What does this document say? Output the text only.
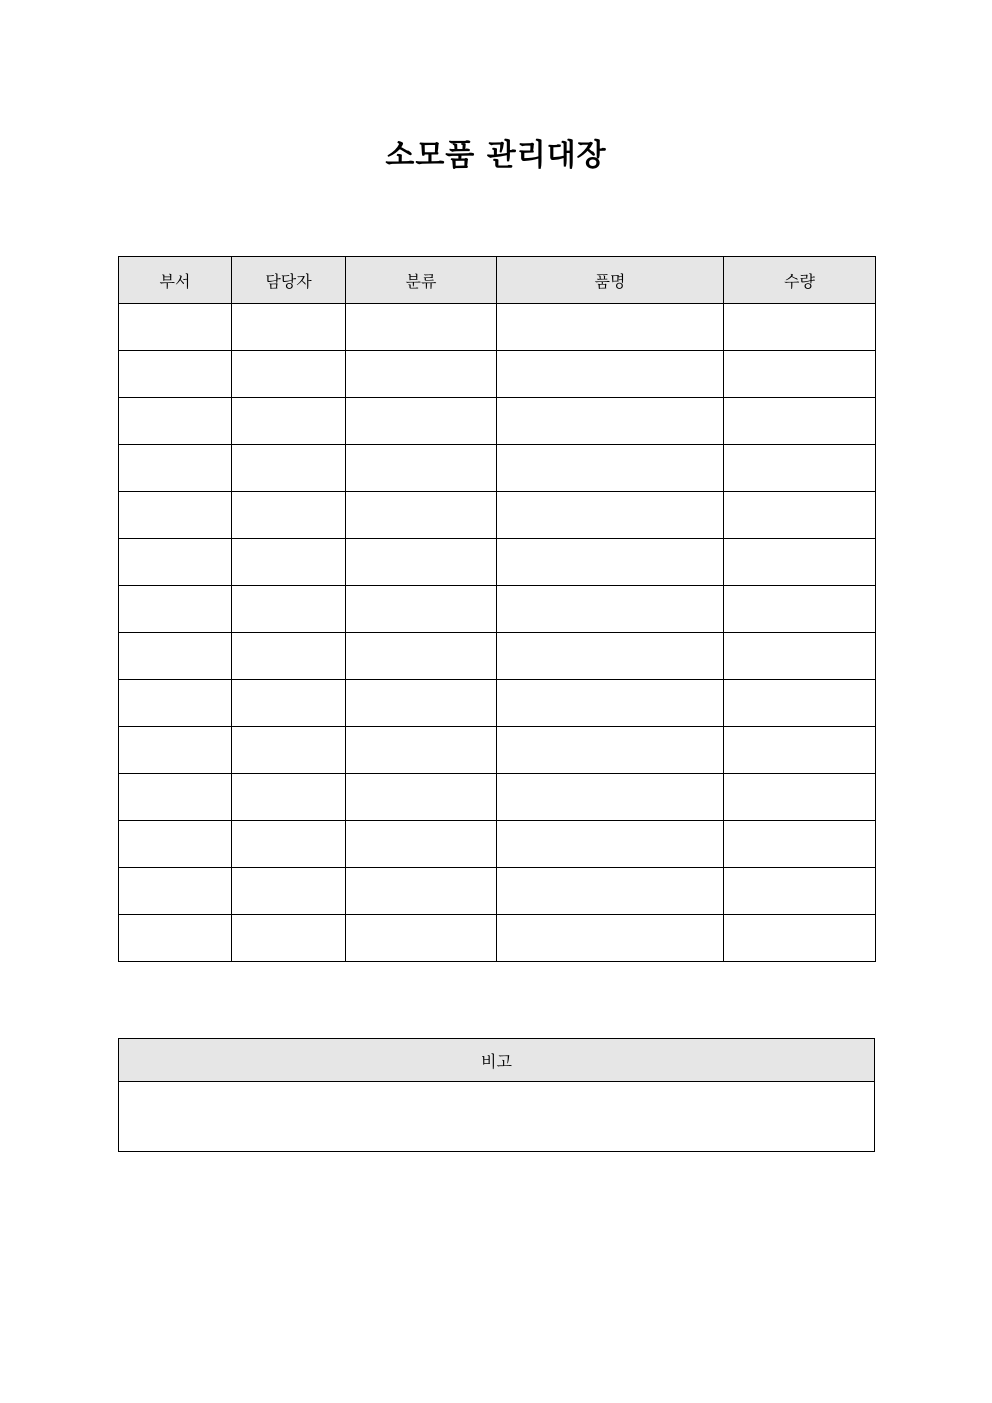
소모품 관리대장
부서	담당자	분류	품명	수량

비고
